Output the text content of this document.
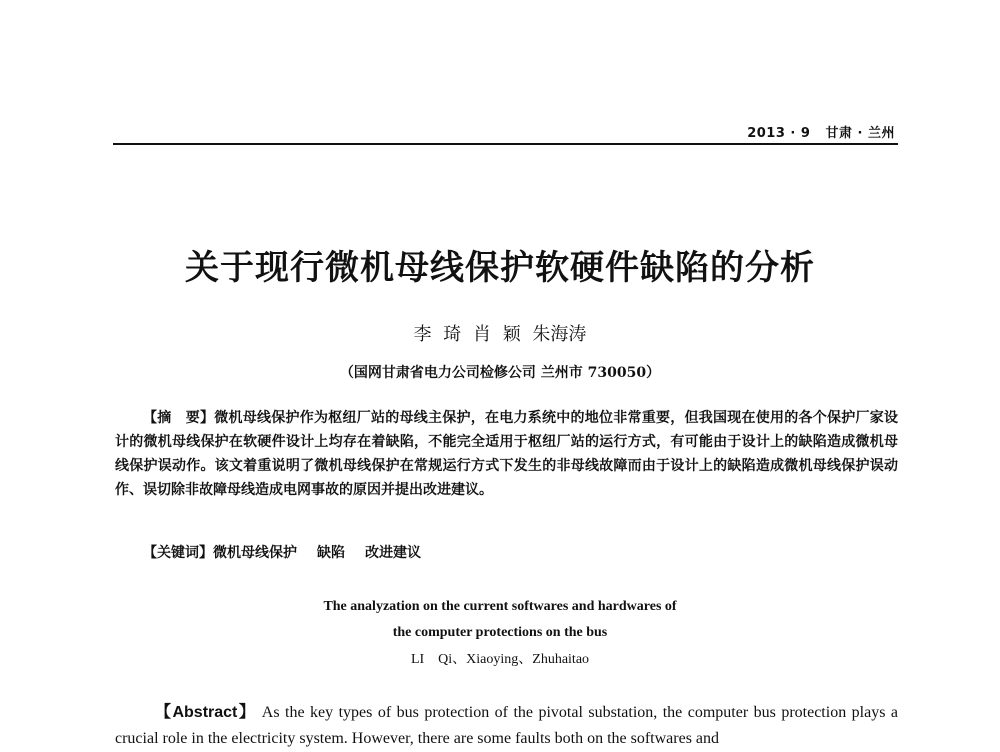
2013 · 9 甘肃 · 兰州
关于现行微机母线保护软硬件缺陷的分析
李 琦 肖 颖 朱海涛
（国网甘肃省电力公司检修公司 兰州市 730050）
【摘　要】微机母线保护作为枢纽厂站的母线主保护，在电力系统中的地位非常重要，但我国现在使用的各个保护厂家设计的微机母线保护在软硬件设计上均存在着缺陷，不能完全适用于枢纽厂站的运行方式，有可能由于设计上的缺陷造成微机母线保护误动作。该文着重说明了微机母线保护在常规运行方式下发生的非母线故障而由于设计上的缺陷造成微机母线保护误动作、误切除非故障母线造成电网事故的原因并提出改进建议。
【关键词】微机母线保护 缺陷 改进建议
The analyzation on the current softwares and hardwares of
the computer protections on the bus
LI　Qi、Xiaoying、Zhuhaitao
【Abstract】 As the key types of bus protection of the pivotal substation, the computer bus protection plays a crucial role in the electricity system. However, there are some faults both on the softwares and
